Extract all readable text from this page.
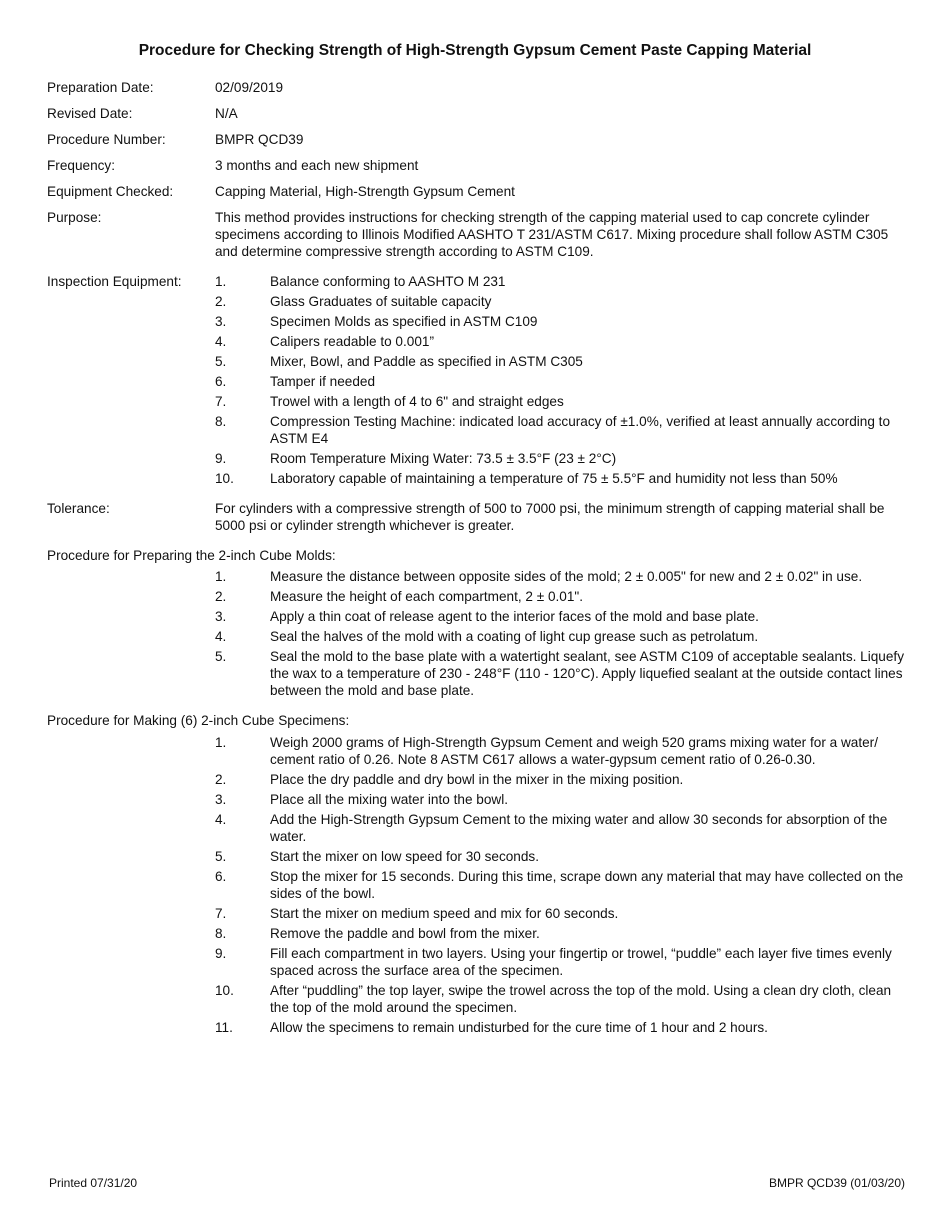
Procedure for Checking Strength of High-Strength Gypsum Cement Paste Capping Material
Preparation Date:	02/09/2019
Revised Date:	N/A
Procedure Number:	BMPR QCD39
Frequency:	3 months and each new shipment
Equipment Checked:	Capping Material, High-Strength Gypsum Cement
Purpose:	This method provides instructions for checking strength of the capping material used to cap concrete cylinder specimens according to Illinois Modified AASHTO T 231/ASTM C617. Mixing procedure shall follow ASTM C305 and determine compressive strength according to ASTM C109.
Inspection Equipment:	1.	Balance conforming to AASHTO M 231
2.	Glass Graduates of suitable capacity
3.	Specimen Molds as specified in ASTM C109
4.	Calipers readable to 0.001”
5.	Mixer, Bowl, and Paddle as specified in ASTM C305
6.	Tamper if needed
7.	Trowel with a length of 4 to 6" and straight edges
8.	Compression Testing Machine: indicated load accuracy of ±1.0%, verified at least annually according to ASTM E4
9.	Room Temperature Mixing Water: 73.5 ± 3.5°F (23 ± 2°C)
10.	Laboratory capable of maintaining a temperature of 75 ± 5.5°F and humidity not less than 50%
Tolerance:	For cylinders with a compressive strength of 500 to 7000 psi, the minimum strength of capping material shall be 5000 psi or cylinder strength whichever is greater.
Procedure for Preparing the 2-inch Cube Molds:
1.	Measure the distance between opposite sides of the mold; 2 ± 0.005" for new and 2 ± 0.02" in use.
2.	Measure the height of each compartment, 2 ± 0.01".
3.	Apply a thin coat of release agent to the interior faces of the mold and base plate.
4.	Seal the halves of the mold with a coating of light cup grease such as petrolatum.
5.	Seal the mold to the base plate with a watertight sealant, see ASTM C109 of acceptable sealants. Liquefy the wax to a temperature of 230 - 248°F (110 - 120°C). Apply liquefied sealant at the outside contact lines between the mold and base plate.
Procedure for Making (6) 2-inch Cube Specimens:
1.	Weigh 2000 grams of High-Strength Gypsum Cement and weigh 520 grams mixing water for a water/ cement ratio of 0.26. Note 8 ASTM C617 allows a water-gypsum cement ratio of 0.26-0.30.
2.	Place the dry paddle and dry bowl in the mixer in the mixing position.
3.	Place all the mixing water into the bowl.
4.	Add the High-Strength Gypsum Cement to the mixing water and allow 30 seconds for absorption of the water.
5.	Start the mixer on low speed for 30 seconds.
6.	Stop the mixer for 15 seconds. During this time, scrape down any material that may have collected on the sides of the bowl.
7.	Start the mixer on medium speed and mix for 60 seconds.
8.	Remove the paddle and bowl from the mixer.
9.	Fill each compartment in two layers. Using your fingertip or trowel, “puddle” each layer five times evenly spaced across the surface area of the specimen.
10.	After “puddling” the top layer, swipe the trowel across the top of the mold. Using a clean dry cloth, clean the top of the mold around the specimen.
11.	Allow the specimens to remain undisturbed for the cure time of 1 hour and 2 hours.
Printed 07/31/20	BMPR QCD39 (01/03/20)
